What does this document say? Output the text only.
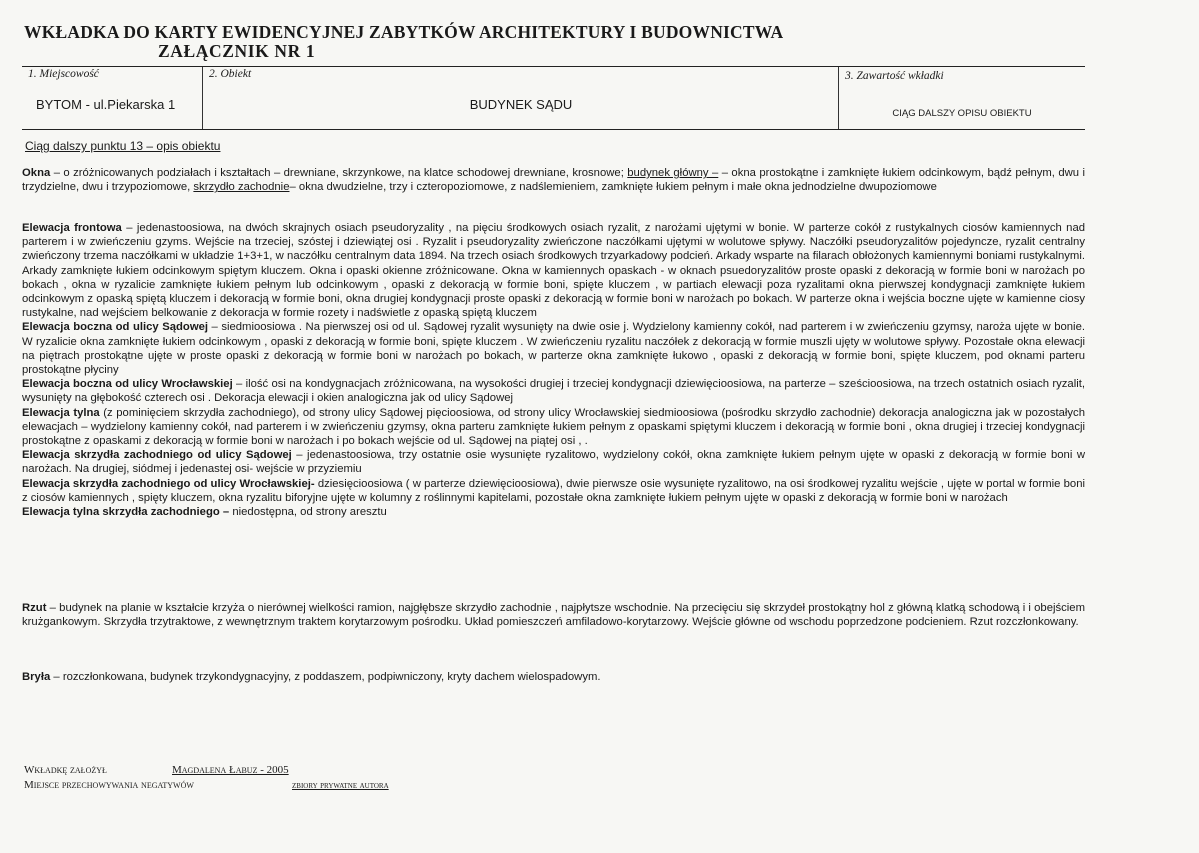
WKŁADKA DO KARTY EWIDENCYJNEJ ZABYTKÓW ARCHITEKTURY I BUDOWNICTWA
ZAŁĄCZNIK NR 1
1. Miejscowość
BYTOM - ul.Piekarska 1
2. Obiekt
BUDYNEK SĄDU
3. Zawartość wkładki
CIĄG DALSZY OPISU OBIEKTU
Ciąg dalszy punktu 13 – opis obiektu
Okna – o zróżnicowanych podziałach i kształtach – drewniane, skrzynkowe, na klatce schodowej drewniane, krosnowe; budynek główny – – okna prostokątne i zamknięte łukiem odcinkowym, bądź pełnym, dwu i trzydzielne, dwu i trzypoziomowe, skrzydło zachodnie– okna dwudzielne, trzy i czteropoziomowe, z nadślemieniem, zamknięte łukiem pełnym i małe okna jednodzielne dwupoziomowe
Elewacja frontowa – jedenastoosiowa, na dwóch skrajnych osiach pseudoryzality , na pięciu środkowych osiach ryzalit, z narożami ujętymi w bonie. W parterze cokół z rustykalnych ciosów kamiennych nad parterem i w zwieńczeniu gzyms. Wejście na trzeciej, szóstej i dziewiątej osi . Ryzalit i pseudoryzality zwieńczone naczółkami ujętymi w wolutowe spływy. Naczółki pseudoryzalitów pojedyncze, ryzalit centralny zwieńczony trzema naczółkami w układzie 1+3+1, w naczółku centralnym data 1894. Na trzech osiach środkowych trzyarkadowy podcień. Arkady wsparte na filarach obłożonych kamiennymi boniami rustykalnymi. Arkady zamknięte łukiem odcinkowym spiętym kluczem. Okna i opaski okienne zróżnicowane. Okna w kamiennych opaskach - w oknach psuedoryzalitów proste opaski z dekoracją w formie boni w narożach po bokach , okna w ryzalicie zamknięte łukiem pełnym lub odcinkowym , opaski z dekoracją w formie boni, spięte kluczem , w partiach elewacji poza ryzalitami okna pierwszej kondygnacji zamknięte łukiem odcinkowym z opaską spiętą kluczem i dekoracją w formie boni, okna drugiej kondygnacji proste opaski z dekoracją w formie boni w narożach po bokach. W parterze okna i wejścia boczne ujęte w kamienne ciosy rustykalne, nad wejściem belkowanie z dekoracja w formie rozety i nadświetle z opaską spiętą kluczem
Elewacja boczna od ulicy Sądowej – siedmioosiowa . Na pierwszej osi od ul. Sądowej ryzalit wysunięty na dwie osie j. Wydzielony kamienny cokół, nad parterem i w zwieńczeniu gzymsy, naroża ujęte w bonie. W ryzalicie okna zamknięte łukiem odcinkowym , opaski z dekoracją w formie boni, spięte kluczem . W zwieńczeniu ryzalitu naczółek z dekoracją w formie muszli ujęty w wolutowe spływy. Pozostałe okna elewacji na piętrach prostokątne ujęte w proste opaski z dekoracją w formie boni w narożach po bokach, w parterze okna zamknięte łukowo , opaski z dekoracją w formie boni, spięte kluczem, pod oknami parteru prostokątne płyciny
Elewacja boczna od ulicy Wrocławskiej – ilość osi na kondygnacjach zróżnicowana, na wysokości drugiej i trzeciej kondygnacji dziewięcioosiowa, na parterze – sześcioosiowa, na trzech ostatnich osiach ryzalit, wysunięty na głębokość czterech osi . Dekoracja elewacji i okien analogiczna jak od ulicy Sądowej
Elewacja tylna (z pominięciem skrzydła zachodniego), od strony ulicy Sądowej pięcioosiowa, od strony ulicy Wrocławskiej siedmioosiowa (pośrodku skrzydło zachodnie) dekoracja analogiczna jak w pozostałych elewacjach – wydzielony kamienny cokół, nad parterem i w zwieńczeniu gzymsy, okna parteru zamknięte łukiem pełnym z opaskami spiętymi kluczem i dekoracją w formie boni , okna drugiej i trzeciej kondygnacji prostokątne z opaskami z dekoracją w formie boni w narożach i po bokach wejście od ul. Sądowej na piątej osi , .
Elewacja skrzydła zachodniego od ulicy Sądowej – jedenastoosiowa, trzy ostatnie osie wysunięte ryzalitowo, wydzielony cokół, okna zamknięte łukiem pełnym ujęte w opaski z dekoracją w formie boni w narożach. Na drugiej, siódmej i jedenastej osi- wejście w przyziemiu
Elewacja skrzydła zachodniego od ulicy Wrocławskiej- dziesięcioosiowa ( w parterze dziewięcioosiowa), dwie pierwsze osie wysunięte ryzalitowo, na osi środkowej ryzalitu wejście , ujęte w portal w formie boni z ciosów kamiennych , spięty kluczem, okna ryzalitu biforyjne ujęte w kolumny z roślinnymi kapitelami, pozostałe okna zamknięte łukiem pełnym ujęte w opaski z dekoracją w formie boni w narożach
Elewacja tylna skrzydła zachodniego – niedostępna, od strony aresztu
Rzut – budynek na planie w kształcie krzyża o nierównej wielkości ramion, najgłębsze skrzydło zachodnie , najpłytsze wschodnie. Na przecięciu się skrzydeł prostokątny hol z główną klatką schodową i i obejściem krużgankowym. Skrzydła trzytraktowe, z wewnętrznym traktem korytarzowym pośrodku. Układ pomieszczeń amfiladowo-korytarzowy. Wejście główne od wschodu poprzedzone podcieniem. Rzut rozczłonkowany.
Bryła – rozczłonkowana, budynek trzykondygnacyjny, z poddaszem, podpiwniczony, kryty dachem wielospadowym.
Wkładkę założył	Magdalena Łabuz - 2005
Miejsce przechowywania negatywów	zbiory prywatne autora
